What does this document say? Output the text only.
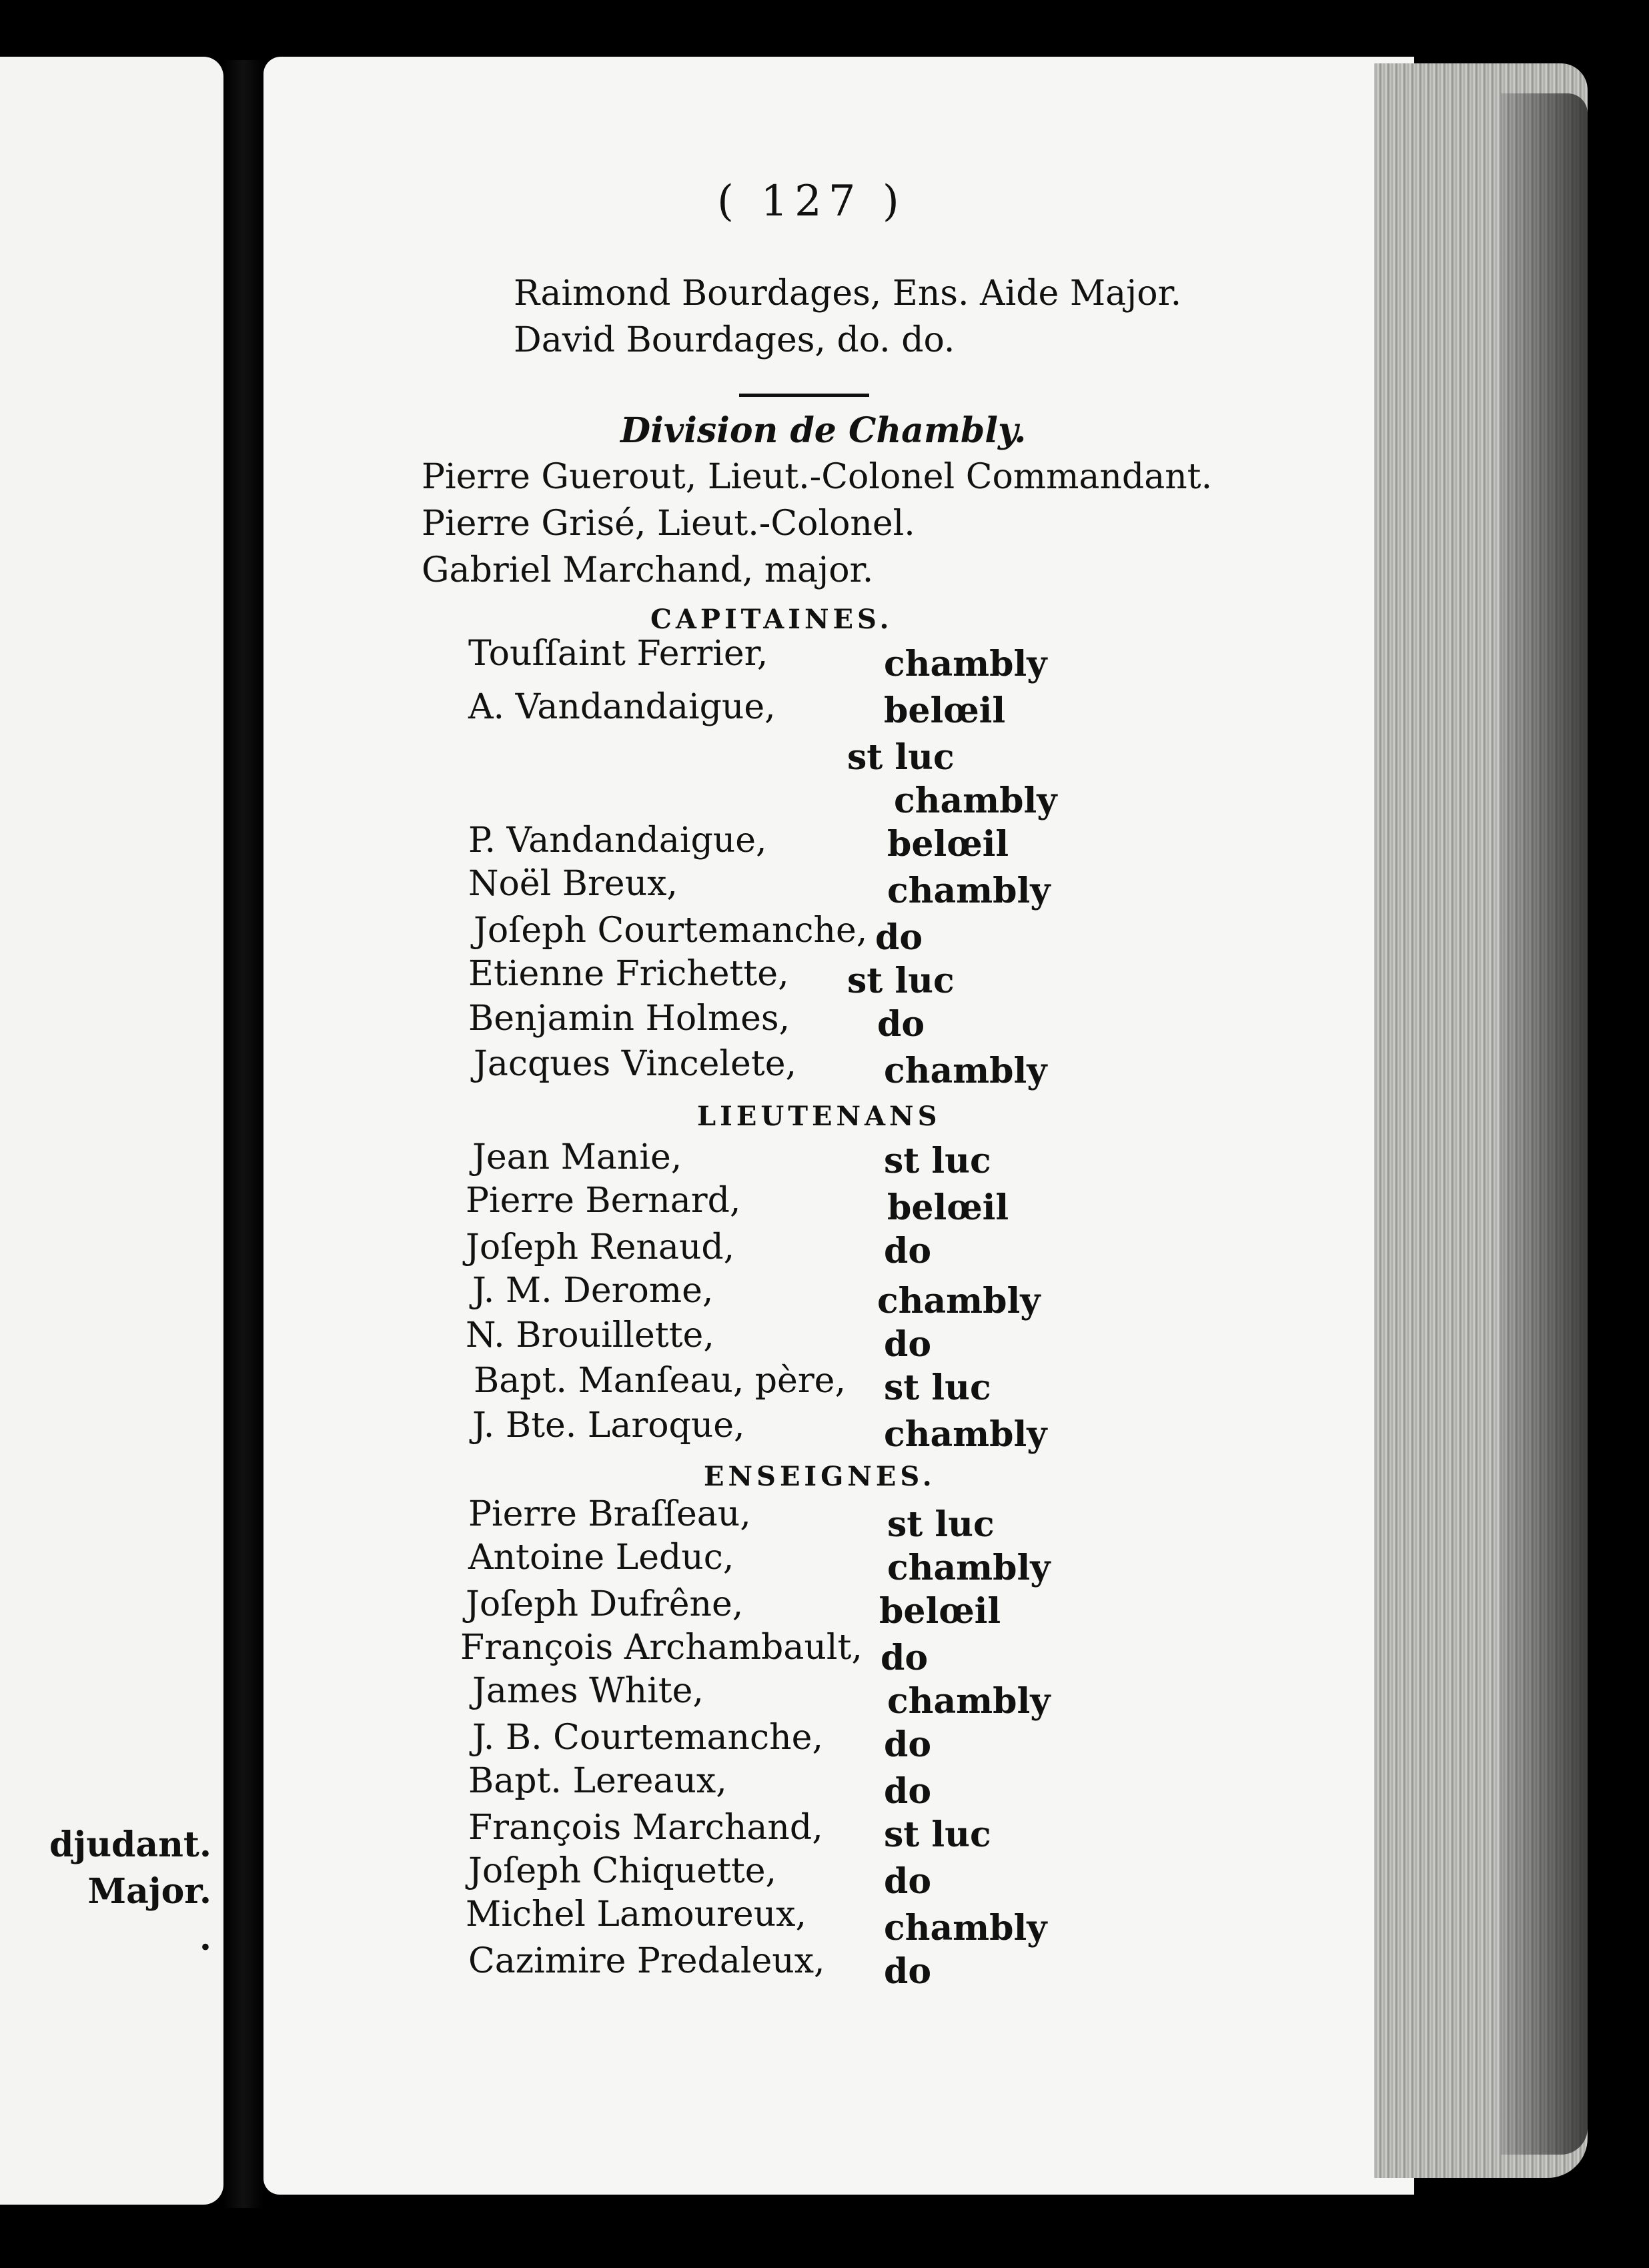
djudant.
Major.
.
( 127 )
Raimond Bourdages, Ens. Aide Major.
David Bourdages, do. do.
Division de Chambly.
Pierre Guerout, Lieut.-Colonel Commandant.
Pierre Grisé, Lieut.-Colonel.
Gabriel Marchand, major.
CAPITAINES.
Touſſaint Ferrier,	chambly
A. Vandandaigue,	belœil
st luc
chambly
P. Vandandaigue,	belœil
Noël Breux,	chambly
Joſeph Courtemanche, do
Etienne Frichette, st luc
Benjamin Holmes,	do
Jacques Vincelete,	chambly
LIEUTENANS
Jean Manie,	st luc
Pierre Bernard,	belœil
Joſeph Renaud,	do
J. M. Derome,	chambly
N. Brouillette,	do
Bapt. Manſeau, père, st luc
J. Bte. Laroque,	chambly
ENSEIGNES.
Pierre Braſſeau,	st luc
Antoine Leduc,	chambly
Joſeph Dufrêne,	belœil
François Archambault, do
James White,	chambly
J. B. Courtemanche, do
Bapt. Lereaux,	do
François Marchand, st luc
Joſeph Chiquette,	do
Michel Lamoureux, chambly
Cazimire Predaleux, do
